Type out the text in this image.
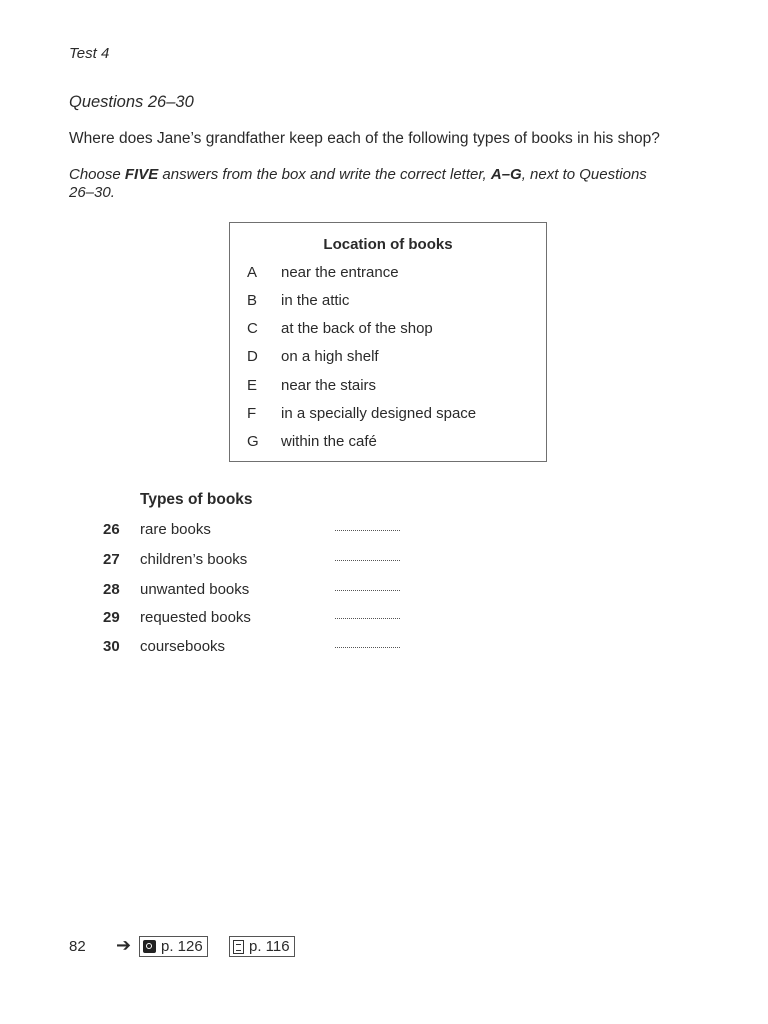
Test 4
Questions 26–30
Where does Jane’s grandfather keep each of the following types of books in his shop?
Choose FIVE answers from the box and write the correct letter, A–G, next to Questions 26–30.
Location of books
A near the entrance
B in the attic
C at the back of the shop
D on a high shelf
E near the stairs
F	in a specially designed space
G within the café
Types of books
26 rare books
27 children’s books
28 unwanted books
29 requested books
30 coursebooks
82 ➔ p. 126	p. 116
